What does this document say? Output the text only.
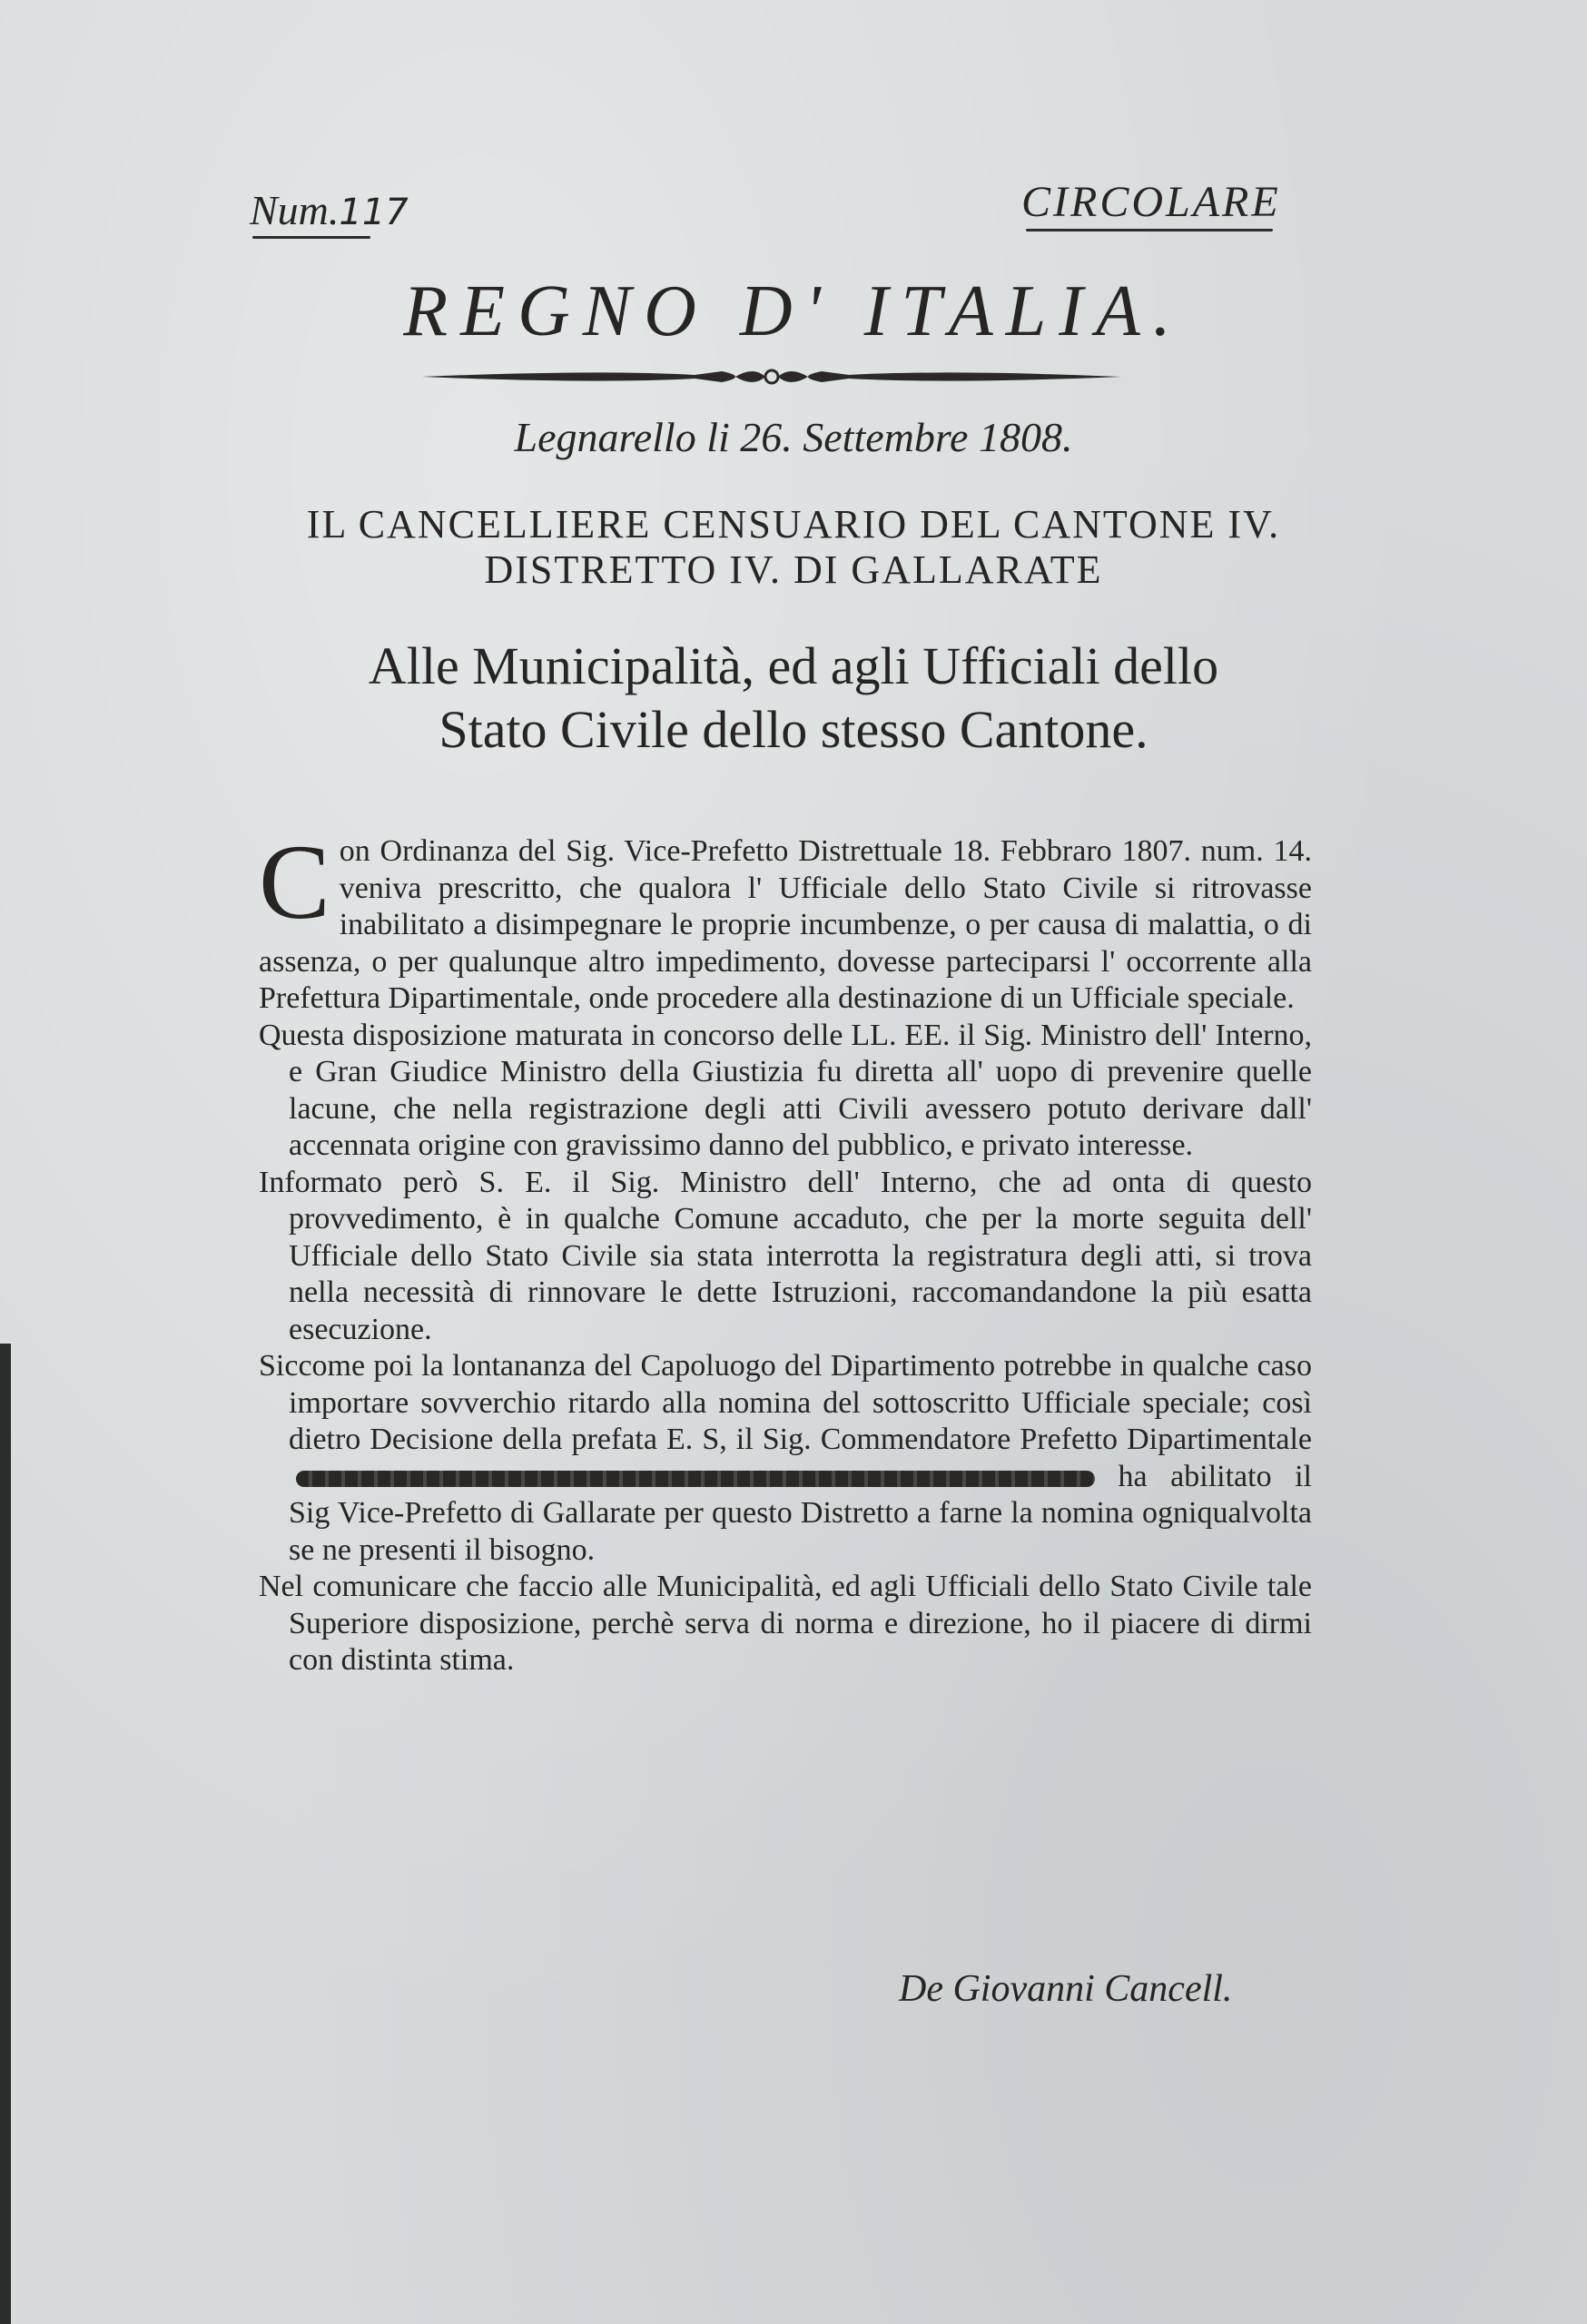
Num.117	CIRCOLARE
REGNO D' ITALIA.
Legnarello li 26. Settembre 1808.
IL CANCELLIERE CENSUARIO DEL CANTONE IV.
DISTRETTO IV. DI GALLARATE
Alle Municipalità, ed agli Ufficiali dello
Stato Civile dello stesso Cantone.

Con Ordinanza del Sig. Vice-Prefetto Distrettuale 18. Febbraro 1807. num. 14. veniva prescritto, che qualora l' Ufficiale dello Stato Civile si ritrovasse inabilitato a disimpegnare le proprie incumbenze, o per causa di malattia, o di assenza, o per qualunque altro impedimento, dovesse parteciparsi l' occorrente alla Prefettura Dipartimentale, onde procedere alla destinazione di un Ufficiale speciale.

Questa disposizione maturata in concorso delle LL. EE. il Sig. Ministro dell' Interno, e Gran Giudice Ministro della Giustizia fu diretta all' uopo di prevenire quelle lacune, che nella registrazione degli atti Civili avessero potuto derivare dall' accennata origine con gravissimo danno del pubblico, e privato interesse.

Informato però S. E. il Sig. Ministro dell' Interno, che ad onta di questo provvedimento, è in qualche Comune accaduto, che per la morte seguita dell' Ufficiale dello Stato Civile sia stata interrotta la registratura degli atti, si trova nella necessità di rinnovare le dette Istruzioni, raccomandandone la più esatta esecuzione.

Siccome poi la lontananza del Capoluogo del Dipartimento potrebbe in qualche caso importare sovverchio ritardo alla nomina del sottoscritto Ufficiale speciale; così dietro Decisione della prefata E. S, il Sig. Commendatore Prefetto Dipartimentale  ha abilitato il Sig Vice-Prefetto di Gallarate per questo Distretto a farne la nomina ogniqualvolta se ne presenti il bisogno.

Nel comunicare che faccio alle Municipalità, ed agli Ufficiali dello Stato Civile tale Superiore disposizione, perchè serva di norma e direzione, ho il piacere di dirmi con distinta stima.

De Giovanni Cancell.
